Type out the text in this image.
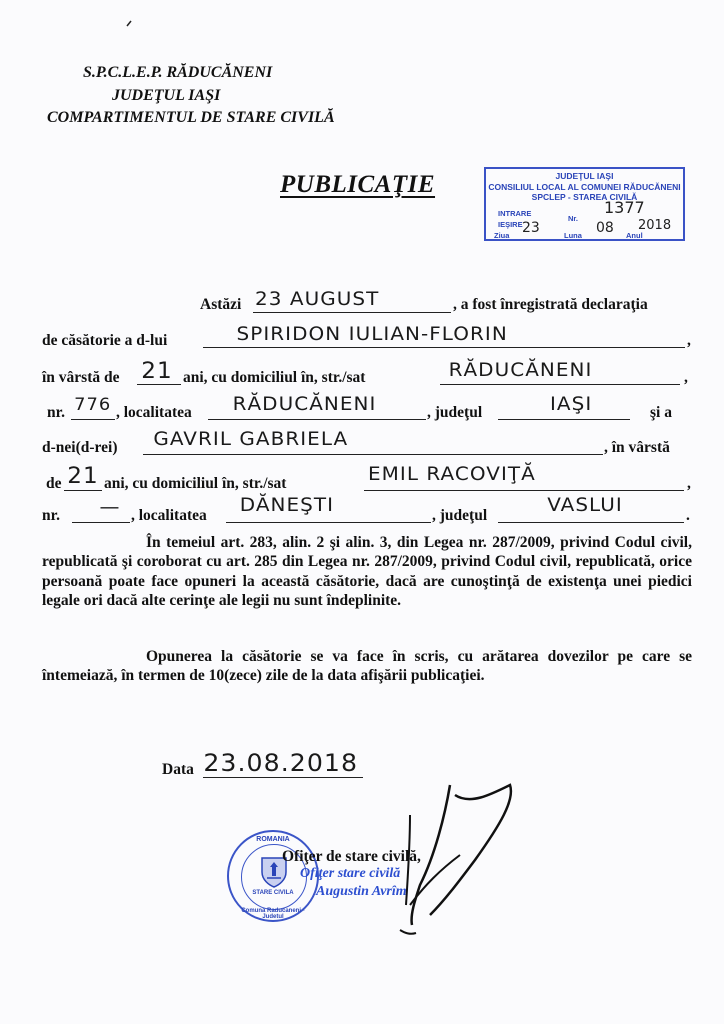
S.P.C.L.E.P. RĂDUCĂNENI
JUDEŢUL IAŞI
COMPARTIMENTUL DE STARE CIVILĂ
PUBLICAŢIE	JUDEŢUL IAŞI
CONSILIUL LOCAL AL COMUNEI RĂDUCĂNENI
SPCLEP - STAREA CIVILĂ
INTRARE
IEŞIRE
Nr.
1377
Ziua 23	Luna 08 Anul
2018
Astăzi 23 AUGUST	, a fost înregistrată declaraţia
de căsătorie a d-lui	SPIRIDON IULIAN-FLORIN	,
în vârstă de 21 ani, cu domiciliul în, str./sat	RĂDUCĂNENI	,
nr. 776 , localitatea RĂDUCĂNENI	, judeţul	IAŞI	şi a
d-nei(d-rei) GAVRIL GABRIELA	, în vârstă
de 21 ani, cu domiciliul în, str./sat	EMIL RACOVIŢĂ	,
nr. — , localitatea DĂNEŞTI	, judeţul	VASLUI	.
În temeiul art. 283, alin. 2 şi alin. 3, din Legea nr. 287/2009, privind Codul civil, republicată şi coroborat cu art. 285 din Legea nr. 287/2009, privind Codul civil, republicată, orice persoană poate face opuneri la această căsătorie, dacă are cunoştinţă de existenţa unei piedici legale ori dacă alte cerinţe ale legii nu sunt îndeplinite.
Opunerea la căsătorie se va face în scris, cu arătarea dovezilor pe care se întemeiază, în termen de 10(zece) zile de la data afişării publicaţiei.
Data 23.08.2018
ROMANIA
STARE CIVILA
Comuna Raducaneni - Judetul
Ofiţer de stare civilă,
Ofiţer stare civilă
Augustin Avrîm
